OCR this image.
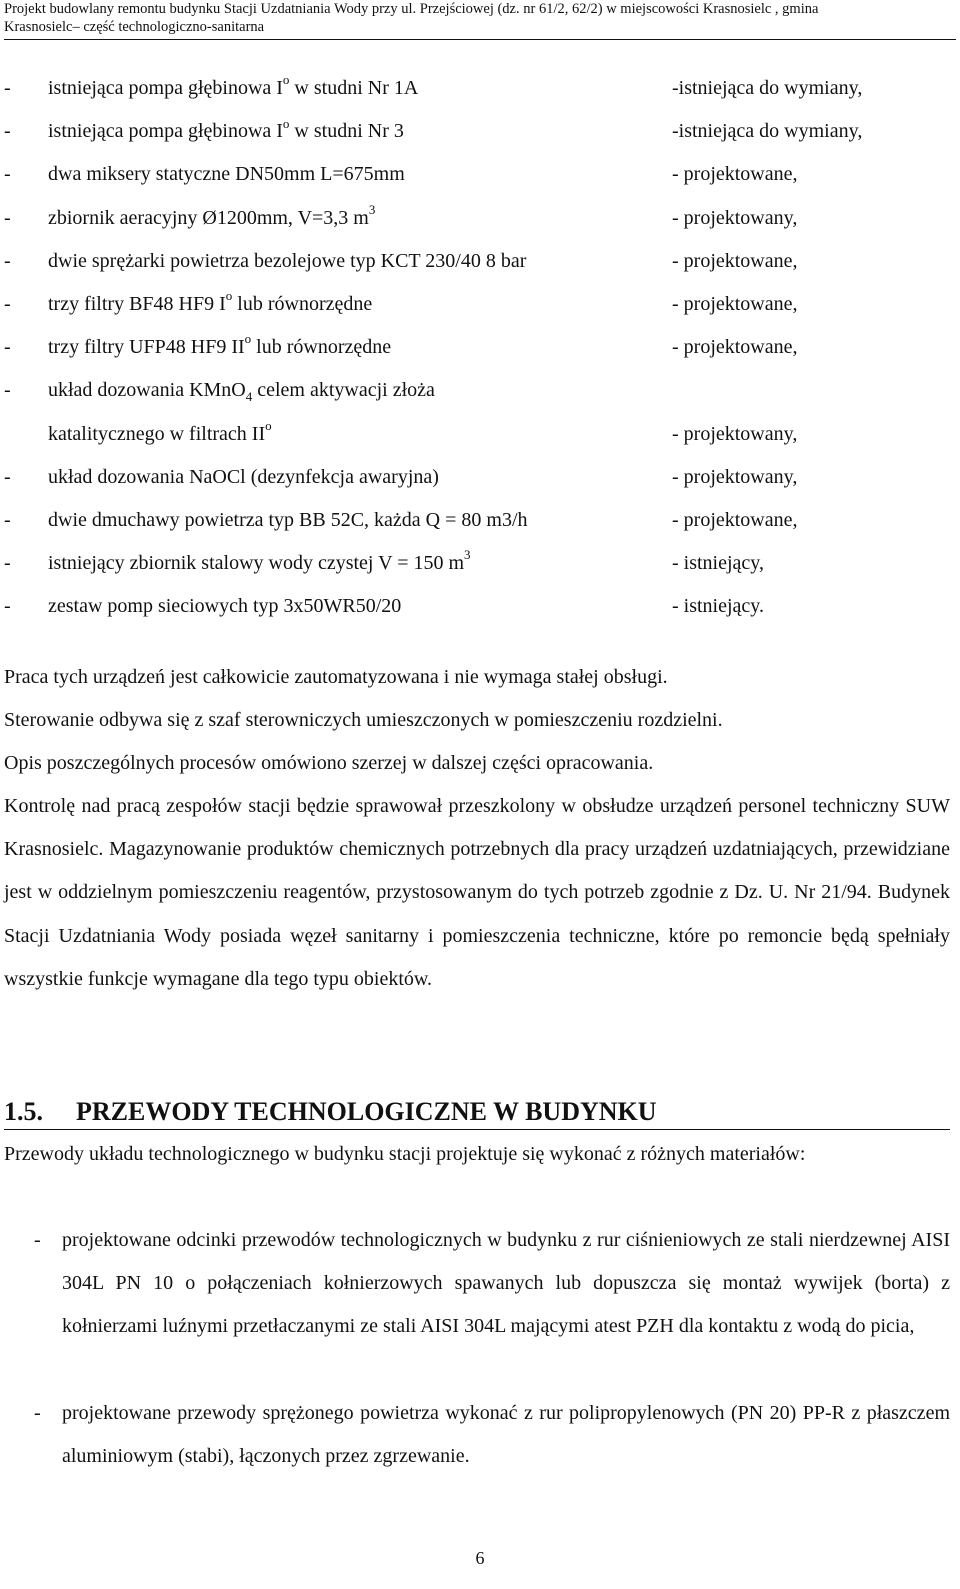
Projekt budowlany remontu budynku Stacji Uzdatniania Wody przy ul. Przejściowej (dz. nr 61/2, 62/2) w miejscowości Krasnosielc , gmina
Krasnosielc– część technologiczno-sanitarna
- istniejąca pompa głębinowa $I^o$ w studni Nr 1A	-istniejąca do wymiany,
- istniejąca pompa głębinowa $I^o$ w studni Nr 3	-istniejąca do wymiany,
- dwa miksery statyczne DN50mm L=675mm	- projektowane,
- zbiornik aeracyjny Ø1200mm, V=3,3 $m^3$	- projektowany,
- dwie sprężarki powietrza bezolejowe typ KCT 230/40 8 bar	- projektowane,
- trzy filtry BF48 HF9 $I^o$ lub równorzędne	- projektowane,
- trzy filtry UFP48 HF9 $II^o$ lub równorzędne	- projektowane,
- układ dozowania KMnO$_4$ celem aktywacji złoża
katalitycznego w filtrach $II^o$	- projektowany,
- układ dozowania NaOCl (dezynfekcja awaryjna)	- projektowany,
- dwie dmuchawy powietrza typ BB 52C, każda Q = 80 m3/h	- projektowane,
- istniejący zbiornik stalowy wody czystej V = 150 $m^3$	- istniejący,
- zestaw pomp sieciowych typ 3x50WR50/20	- istniejący.

Praca tych urządzeń jest całkowicie zautomatyzowana i nie wymaga stałej obsługi.

Sterowanie odbywa się z szaf sterowniczych umieszczonych w pomieszczeniu rozdzielni.

Opis poszczególnych procesów omówiono szerzej w dalszej części opracowania.

Kontrolę nad pracą zespołów stacji będzie sprawował przeszkolony w obsłudze urządzeń personel techniczny SUW Krasnosielc. Magazynowanie produktów chemicznych potrzebnych dla pracy urządzeń uzdatniających, przewidziane jest w oddzielnym pomieszczeniu reagentów, przystosowanym do tych potrzeb zgodnie z Dz. U. Nr 21/94. Budynek Stacji Uzdatniania Wody posiada węzeł sanitarny i pomieszczenia techniczne, które po remoncie będą spełniały wszystkie funkcje wymagane dla tego typu obiektów.

1.5. PRZEWODY TECHNOLOGICZNE W BUDYNKU

Przewody układu technologicznego w budynku stacji projektuje się wykonać z różnych materiałów:

- projektowane odcinki przewodów technologicznych w budynku z rur ciśnieniowych ze stali nierdzewnej AISI 304L PN 10 o połączeniach kołnierzowych spawanych lub dopuszcza się montaż wywijek (borta) z kołnierzami luźnymi przetłaczanymi ze stali AISI 304L mającymi atest PZH dla kontaktu z wodą do picia,
- projektowane przewody sprężonego powietrza wykonać z rur polipropylenowych (PN 20) PP-R z płaszczem aluminiowym (stabi), łączonych przez zgrzewanie.
6
